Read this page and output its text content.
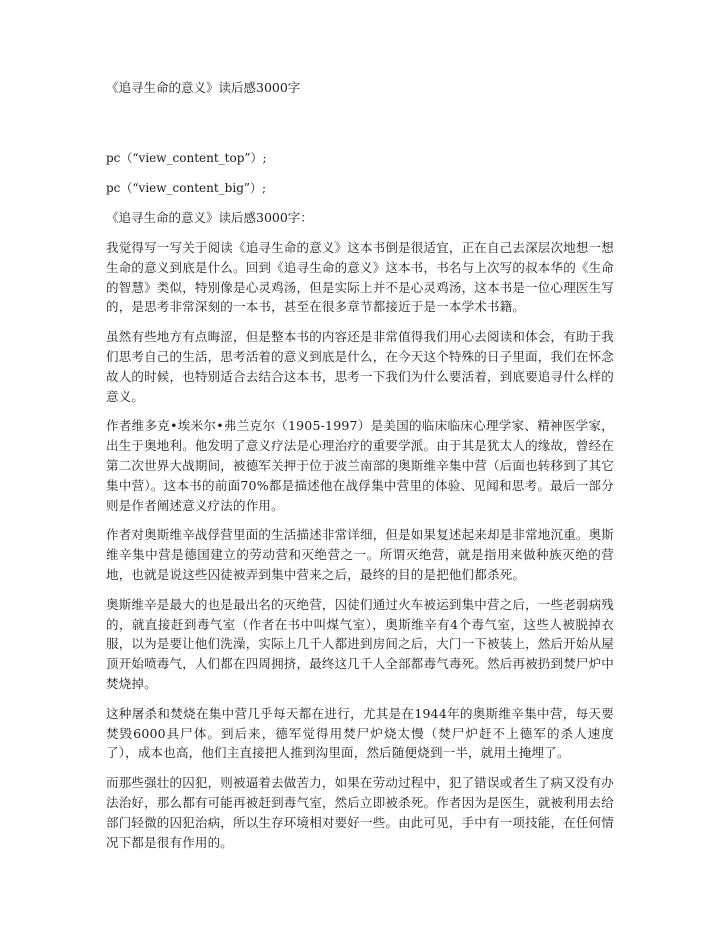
《追寻生命的意义》读后感3000字

pc（“view_content_top”）;

pc（“view_content_big”）;

《追寻生命的意义》读后感3000字：

我觉得写一写关于阅读《追寻生命的意义》这本书倒是很适宜，正在自己去深层次地想一想生命的意义到底是什么。回到《追寻生命的意义》这本书，书名与上次写的叔本华的《生命的智慧》类似，特别像是心灵鸡汤，但是实际上并不是心灵鸡汤，这本书是一位心理医生写的，是思考非常深刻的一本书，甚至在很多章节都接近于是一本学术书籍。

虽然有些地方有点晦涩，但是整本书的内容还是非常值得我们用心去阅读和体会，有助于我们思考自己的生活，思考活着的意义到底是什么，在今天这个特殊的日子里面，我们在怀念故人的时候，也特别适合去结合这本书，思考一下我们为什么要活着，到底要追寻什么样的意义。

作者维多克•埃米尔•弗兰克尔（1905-1997）是美国的临床临床心理学家、精神医学家，出生于奥地利。他发明了意义疗法是心理治疗的重要学派。由于其是犹太人的缘故，曾经在第二次世界大战期间，被德军关押于位于波兰南部的奥斯维辛集中营（后面也转移到了其它集中营）。这本书的前面70%都是描述他在战俘集中营里的体验、见闻和思考。最后一部分则是作者阐述意义疗法的作用。

作者对奥斯维辛战俘营里面的生活描述非常详细，但是如果复述起来却是非常地沉重。奥斯维辛集中营是德国建立的劳动营和灭绝营之一。所谓灭绝营，就是指用来做种族灭绝的营地，也就是说这些囚徒被弄到集中营来之后，最终的目的是把他们都杀死。

奥斯维辛是最大的也是最出名的灭绝营，囚徒们通过火车被运到集中营之后，一些老弱病残的，就直接赶到毒气室（作者在书中叫煤气室），奥斯维辛有4个毒气室，这些人被脱掉衣服，以为是要让他们洗澡，实际上几千人都进到房间之后，大门一下被装上，然后开始从屋顶开始喷毒气，人们都在四周拥挤，最终这几千人全部都毒气毒死。然后再被扔到焚尸炉中焚烧掉。

这种屠杀和焚烧在集中营几乎每天都在进行，尤其是在1944年的奥斯维辛集中营，每天要焚毁6000具尸体。到后来，德军觉得用焚尸炉烧太慢（焚尸炉赶不上德军的杀人速度了），成本也高，他们主直接把人推到沟里面，然后随便烧到一半，就用土掩埋了。

而那些强壮的囚犯，则被逼着去做苦力，如果在劳动过程中，犯了错误或者生了病又没有办法治好，那么都有可能再被赶到毒气室，然后立即被杀死。作者因为是医生，就被利用去给部门轻微的囚犯治病，所以生存环境相对要好一些。由此可见，手中有一项技能，在任何情况下都是很有作用的。
